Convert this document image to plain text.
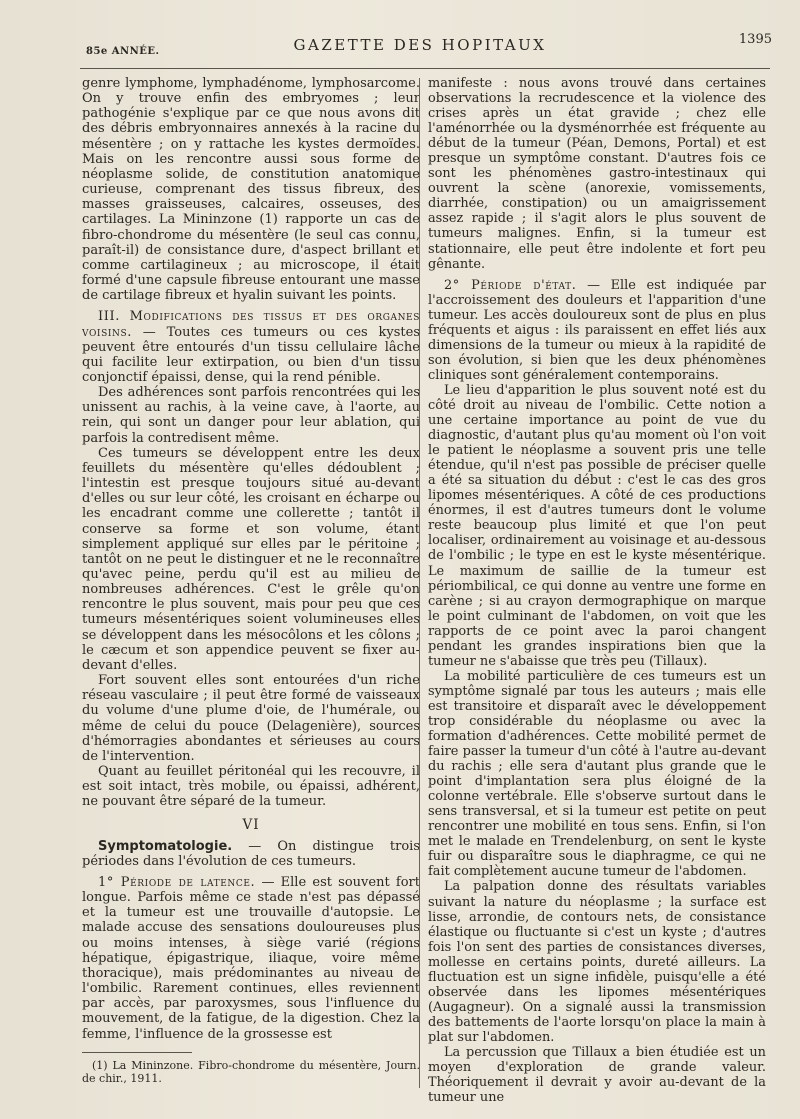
85e ANNÉE.	GAZETTE DES HOPITAUX	1395

genre lymphome, lymphadénome, lymphosarcome. On y trouve enfin des embryomes ; leur pathogénie s'explique par ce que nous avons dit des débris embryonnaires annexés à la racine du mésentère ; on y rattache les kystes dermoïdes. Mais on les rencontre aussi sous forme de néoplasme solide, de constitution anatomique curieuse, comprenant des tissus fibreux, des masses graisseuses, calcaires, osseuses, des cartilages. La Mininzone (1) rapporte un cas de fibro-chondrome du mésentère (le seul cas connu, paraît-il) de consistance dure, d'aspect brillant et comme cartilagineux ; au microscope, il était formé d'une capsule fibreuse entourant une masse de cartilage fibreux et hyalin suivant les points.

III. Modifications des tissus et des organes voisins. — Toutes ces tumeurs ou ces kystes peuvent être entourés d'un tissu cellulaire lâche qui facilite leur extirpation, ou bien d'un tissu conjonctif épaissi, dense, qui la rend pénible.

Des adhérences sont parfois rencontrées qui les unissent au rachis, à la veine cave, à l'aorte, au rein, qui sont un danger pour leur ablation, qui parfois la contredisent même.

Ces tumeurs se développent entre les deux feuillets du mésentère qu'elles dédoublent ; l'intestin est presque toujours situé au-devant d'elles ou sur leur côté, les croisant en écharpe ou les encadrant comme une collerette ; tantôt il conserve sa forme et son volume, étant simplement appliqué sur elles par le péritoine ; tantôt on ne peut le distinguer et ne le reconnaître qu'avec peine, perdu qu'il est au milieu de nombreuses adhérences. C'est le grêle qu'on rencontre le plus souvent, mais pour peu que ces tumeurs mésentériques soient volumineuses elles se développent dans les mésocôlons et les côlons ; le cæcum et son appendice peuvent se fixer au-devant d'elles.

Fort souvent elles sont entourées d'un riche réseau vasculaire ; il peut être formé de vaisseaux du volume d'une plume d'oie, de l'humérale, ou même de celui du pouce (Delagenière), sources d'hémorragies abondantes et sérieuses au cours de l'intervention.

Quant au feuillet péritonéal qui les recouvre, il est soit intact, très mobile, ou épaissi, adhérent, ne pouvant être séparé de la tumeur.

VI

Symptomatologie. — On distingue trois périodes dans l'évolution de ces tumeurs.

1° Période de latence. — Elle est souvent fort longue. Parfois même ce stade n'est pas dépassé et la tumeur est une trouvaille d'autopsie. Le malade accuse des sensations douloureuses plus ou moins intenses, à siège varié (régions hépatique, épigastrique, iliaque, voire même thoracique), mais prédominantes au niveau de l'ombilic. Rarement continues, elles reviennent par accès, par paroxysmes, sous l'influence du mouvement, de la fatigue, de la digestion. Chez la femme, l'influence de la grossesse est

(1) La Mininzone. Fibro-chondrome du mésentère, Journ. de chir., 1911.

manifeste : nous avons trouvé dans certaines observations la recrudescence et la violence des crises après un état gravide ; chez elle l'aménorrhée ou la dysménorrhée est fréquente au début de la tumeur (Péan, Demons, Portal) et est presque un symptôme constant. D'autres fois ce sont les phénomènes gastro-intestinaux qui ouvrent la scène (anorexie, vomissements, diarrhée, constipation) ou un amaigrissement assez rapide ; il s'agit alors le plus souvent de tumeurs malignes. Enfin, si la tumeur est stationnaire, elle peut être indolente et fort peu gênante.

2° Période d'état. — Elle est indiquée par l'accroissement des douleurs et l'apparition d'une tumeur. Les accès douloureux sont de plus en plus fréquents et aigus : ils paraissent en effet liés aux dimensions de la tumeur ou mieux à la rapidité de son évolution, si bien que les deux phénomènes cliniques sont généralement contemporains.

Le lieu d'apparition le plus souvent noté est du côté droit au niveau de l'ombilic. Cette notion a une certaine importance au point de vue du diagnostic, d'autant plus qu'au moment où l'on voit le patient le néoplasme a souvent pris une telle étendue, qu'il n'est pas possible de préciser quelle a été sa situation du début : c'est le cas des gros lipomes mésentériques. A côté de ces productions énormes, il est d'autres tumeurs dont le volume reste beaucoup plus limité et que l'on peut localiser, ordinairement au voisinage et au-dessous de l'ombilic ; le type en est le kyste mésentérique. Le maximum de saillie de la tumeur est périombilical, ce qui donne au ventre une forme en carène ; si au crayon dermographique on marque le point culminant de l'abdomen, on voit que les rapports de ce point avec la paroi changent pendant les grandes inspirations bien que la tumeur ne s'abaisse que très peu (Tillaux).

La mobilité particulière de ces tumeurs est un symptôme signalé par tous les auteurs ; mais elle est transitoire et disparaît avec le développement trop considérable du néoplasme ou avec la formation d'adhérences. Cette mobilité permet de faire passer la tumeur d'un côté à l'autre au-devant du rachis ; elle sera d'autant plus grande que le point d'implantation sera plus éloigné de la colonne vertébrale. Elle s'observe surtout dans le sens transversal, et si la tumeur est petite on peut rencontrer une mobilité en tous sens. Enfin, si l'on met le malade en Trendelenburg, on sent le kyste fuir ou disparaître sous le diaphragme, ce qui ne fait complètement aucune tumeur de l'abdomen.

La palpation donne des résultats variables suivant la nature du néoplasme ; la surface est lisse, arrondie, de contours nets, de consistance élastique ou fluctuante si c'est un kyste ; d'autres fois l'on sent des parties de consistances diverses, mollesse en certains points, dureté ailleurs. La fluctuation est un signe infidèle, puisqu'elle a été observée dans les lipomes mésentériques (Augagneur). On a signalé aussi la transmission des battements de l'aorte lorsqu'on place la main à plat sur l'abdomen.

La percussion que Tillaux a bien étudiée est un moyen d'exploration de grande valeur. Théoriquement il devrait y avoir au-devant de la tumeur une
